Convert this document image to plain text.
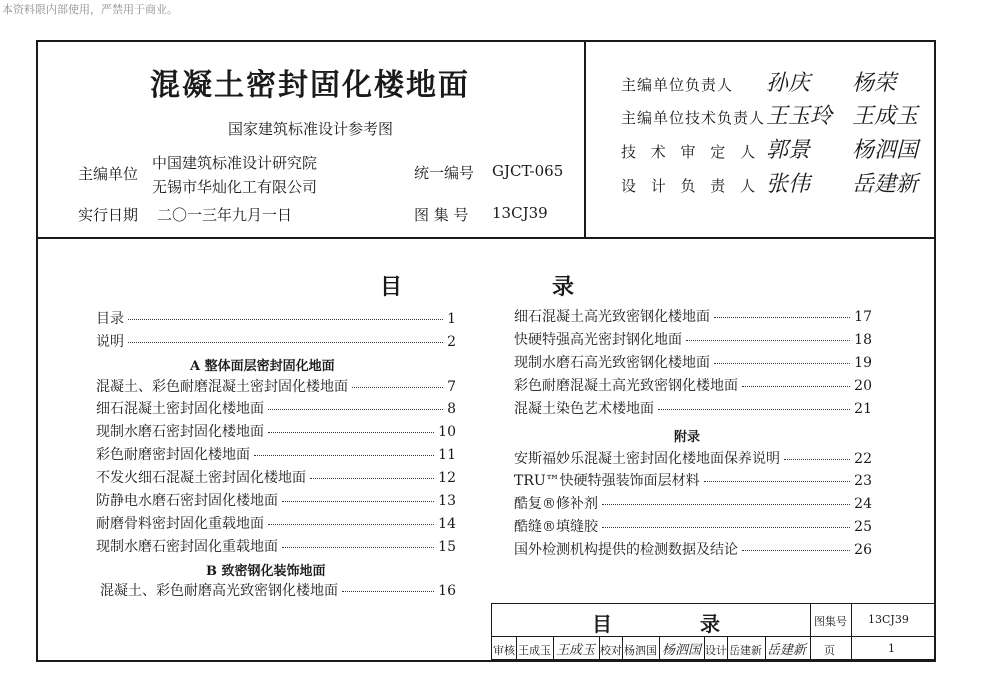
本资料限内部使用，严禁用于商业。
混凝土密封固化楼地面
国家建筑标准设计参考图
主编单位
中国建筑标准设计研究院
无锡市华灿化工有限公司
统一编号 GJCT-065
实行日期 二〇一三年九月一日	图 集 号 13CJ39
主编单位负责人 孙庆 杨荣
主编单位技术负责人 王玉玲 王成玉
技 术 审 定 人 郭景 杨泗国
设 计 负 责 人 张伟 岳建新
目	录
目录	1
说明	2
A 整体面层密封固化地面
混凝土、彩色耐磨混凝土密封固化楼地面	7
细石混凝土密封固化楼地面	8
现制水磨石密封固化楼地面	10
彩色耐磨密封固化楼地面	11
不发火细石混凝土密封固化楼地面	12
防静电水磨石密封固化楼地面	13
耐磨骨料密封固化重载地面	14
现制水磨石密封固化重载地面	15
B 致密钢化装饰地面
混凝土、彩色耐磨高光致密钢化楼地面	16
细石混凝土高光致密钢化楼地面	17
快硬特强高光密封钢化地面	18
现制水磨石高光致密钢化楼地面	19
彩色耐磨混凝土高光致密钢化楼地面	20
混凝土染色艺术楼地面	21
附录
安斯福妙乐混凝土密封固化楼地面保养说明	22
TRU™快硬特强装饰面层材料	23
酷复®修补剂	24
酷缝®填缝胶	25
国外检测机构提供的检测数据及结论	26
目	录	图集号 13CJ39
审核 王成玉 王成玉 校对 杨泗国 杨泗国 设计 岳建新 岳建新 页	1
